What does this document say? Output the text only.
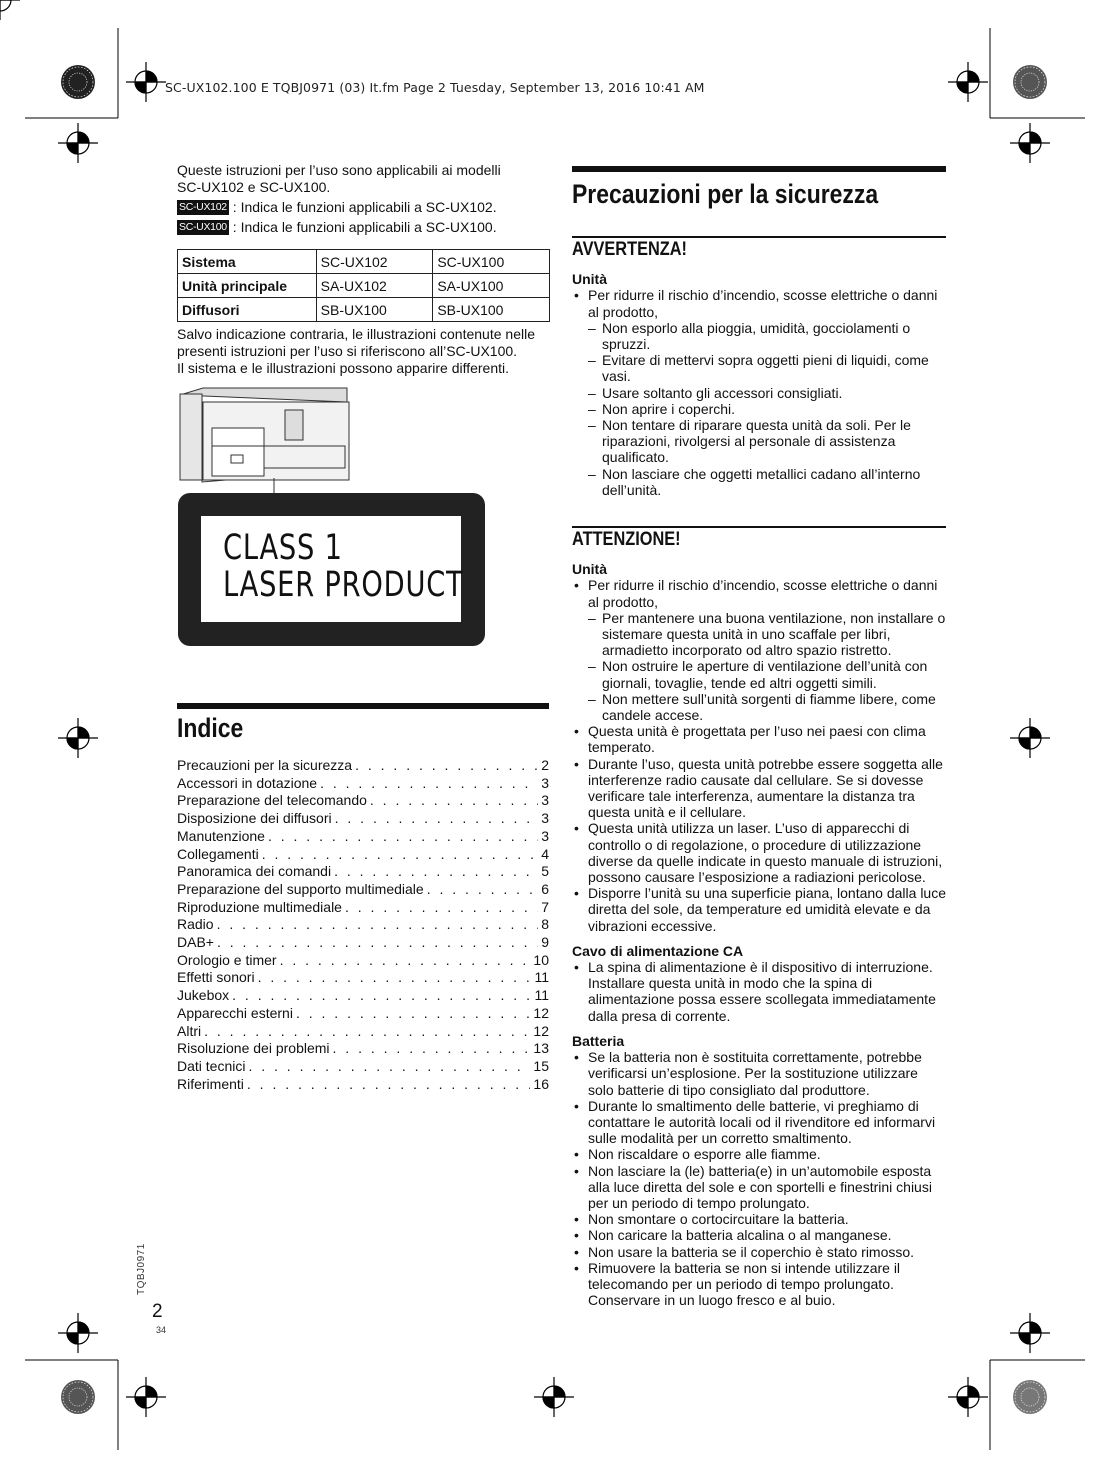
SC-UX102.100 E TQBJ0971 (03) It.fm Page 2 Tuesday, September 13, 2016 10:41 AM
Queste istruzioni per l’uso sono applicabili ai modelli
SC-UX102 e SC-UX100.
SC-UX102 : Indica le funzioni applicabili a SC-UX102.
SC-UX100 : Indica le funzioni applicabili a SC-UX100.
Sistema	SC-UX102	SC-UX100
Unità principale	SA-UX102	SA-UX100
Diffusori	SB-UX100	SB-UX100
Salvo indicazione contraria, le illustrazioni contenute nelle
presenti istruzioni per l’uso si riferiscono all’SC-UX100.
Il sistema e le illustrazioni possono apparire differenti.
CLASS 1
LASER PRODUCT
Indice
Precauzioni per la sicurezza . . .	2
Accessori in dotazione . . .	3
Preparazione del telecomando . . .	3
Disposizione dei diffusori . . .	3
Manutenzione . . .	3
Collegamenti . . .	4
Panoramica dei comandi . . .	5
Preparazione del supporto multimediale . . .	6
Riproduzione multimediale . . .	7
Radio . . .	8
DAB+ . . .	9
Orologio e timer . . .	10
Effetti sonori . . .	11
Jukebox . . .	11
Apparecchi esterni . . .	12
Altri . . .	12
Risoluzione dei problemi . . .	13
Dati tecnici . . .	15
Riferimenti . . .	16
Precauzioni per la sicurezza
AVVERTENZA!
Unità
• Per ridurre il rischio d’incendio, scosse elettriche o danni al prodotto,
– Non esporlo alla pioggia, umidità, gocciolamenti o spruzzi.
– Evitare di mettervi sopra oggetti pieni di liquidi, come vasi.
– Usare soltanto gli accessori consigliati.
– Non aprire i coperchi.
– Non tentare di riparare questa unità da soli. Per le riparazioni, rivolgersi al personale di assistenza qualificato.
– Non lasciare che oggetti metallici cadano all’interno dell’unità.
ATTENZIONE!
Unità
• Per ridurre il rischio d’incendio, scosse elettriche o danni al prodotto,
– Per mantenere una buona ventilazione, non installare o sistemare questa unità in uno scaffale per libri, armadietto incorporato od altro spazio ristretto.
– Non ostruire le aperture di ventilazione dell’unità con giornali, tovaglie, tende ed altri oggetti simili.
– Non mettere sull’unità sorgenti di fiamme libere, come candele accese.
• Questa unità è progettata per l’uso nei paesi con clima temperato.
• Durante l’uso, questa unità potrebbe essere soggetta alle interferenze radio causate dal cellulare. Se si dovesse verificare tale interferenza, aumentare la distanza tra questa unità e il cellulare.
• Questa unità utilizza un laser. L’uso di apparecchi di controllo o di regolazione, o procedure di utilizzazione diverse da quelle indicate in questo manuale di istruzioni, possono causare l’esposizione a radiazioni pericolose.
• Disporre l’unità su una superficie piana, lontano dalla luce diretta del sole, da temperature ed umidità elevate e da vibrazioni eccessive.
Cavo di alimentazione CA
• La spina di alimentazione è il dispositivo di interruzione. Installare questa unità in modo che la spina di alimentazione possa essere scollegata immediatamente dalla presa di corrente.
Batteria
• Se la batteria non è sostituita correttamente, potrebbe verificarsi un’esplosione. Per la sostituzione utilizzare solo batterie di tipo consigliato dal produttore.
• Durante lo smaltimento delle batterie, vi preghiamo di contattare le autorità locali od il rivenditore ed informarvi sulle modalità per un corretto smaltimento.
• Non riscaldare o esporre alle fiamme.
• Non lasciare la (le) batteria(e) in un’automobile esposta alla luce diretta del sole e con sportelli e finestrini chiusi per un periodo di tempo prolungato.
• Non smontare o cortocircuitare la batteria.
• Non caricare la batteria alcalina o al manganese.
• Non usare la batteria se il coperchio è stato rimosso.
• Rimuovere la batteria se non si intende utilizzare il telecomando per un periodo di tempo prolungato. Conservare in un luogo fresco e al buio.
TQBJ0971
2
34
